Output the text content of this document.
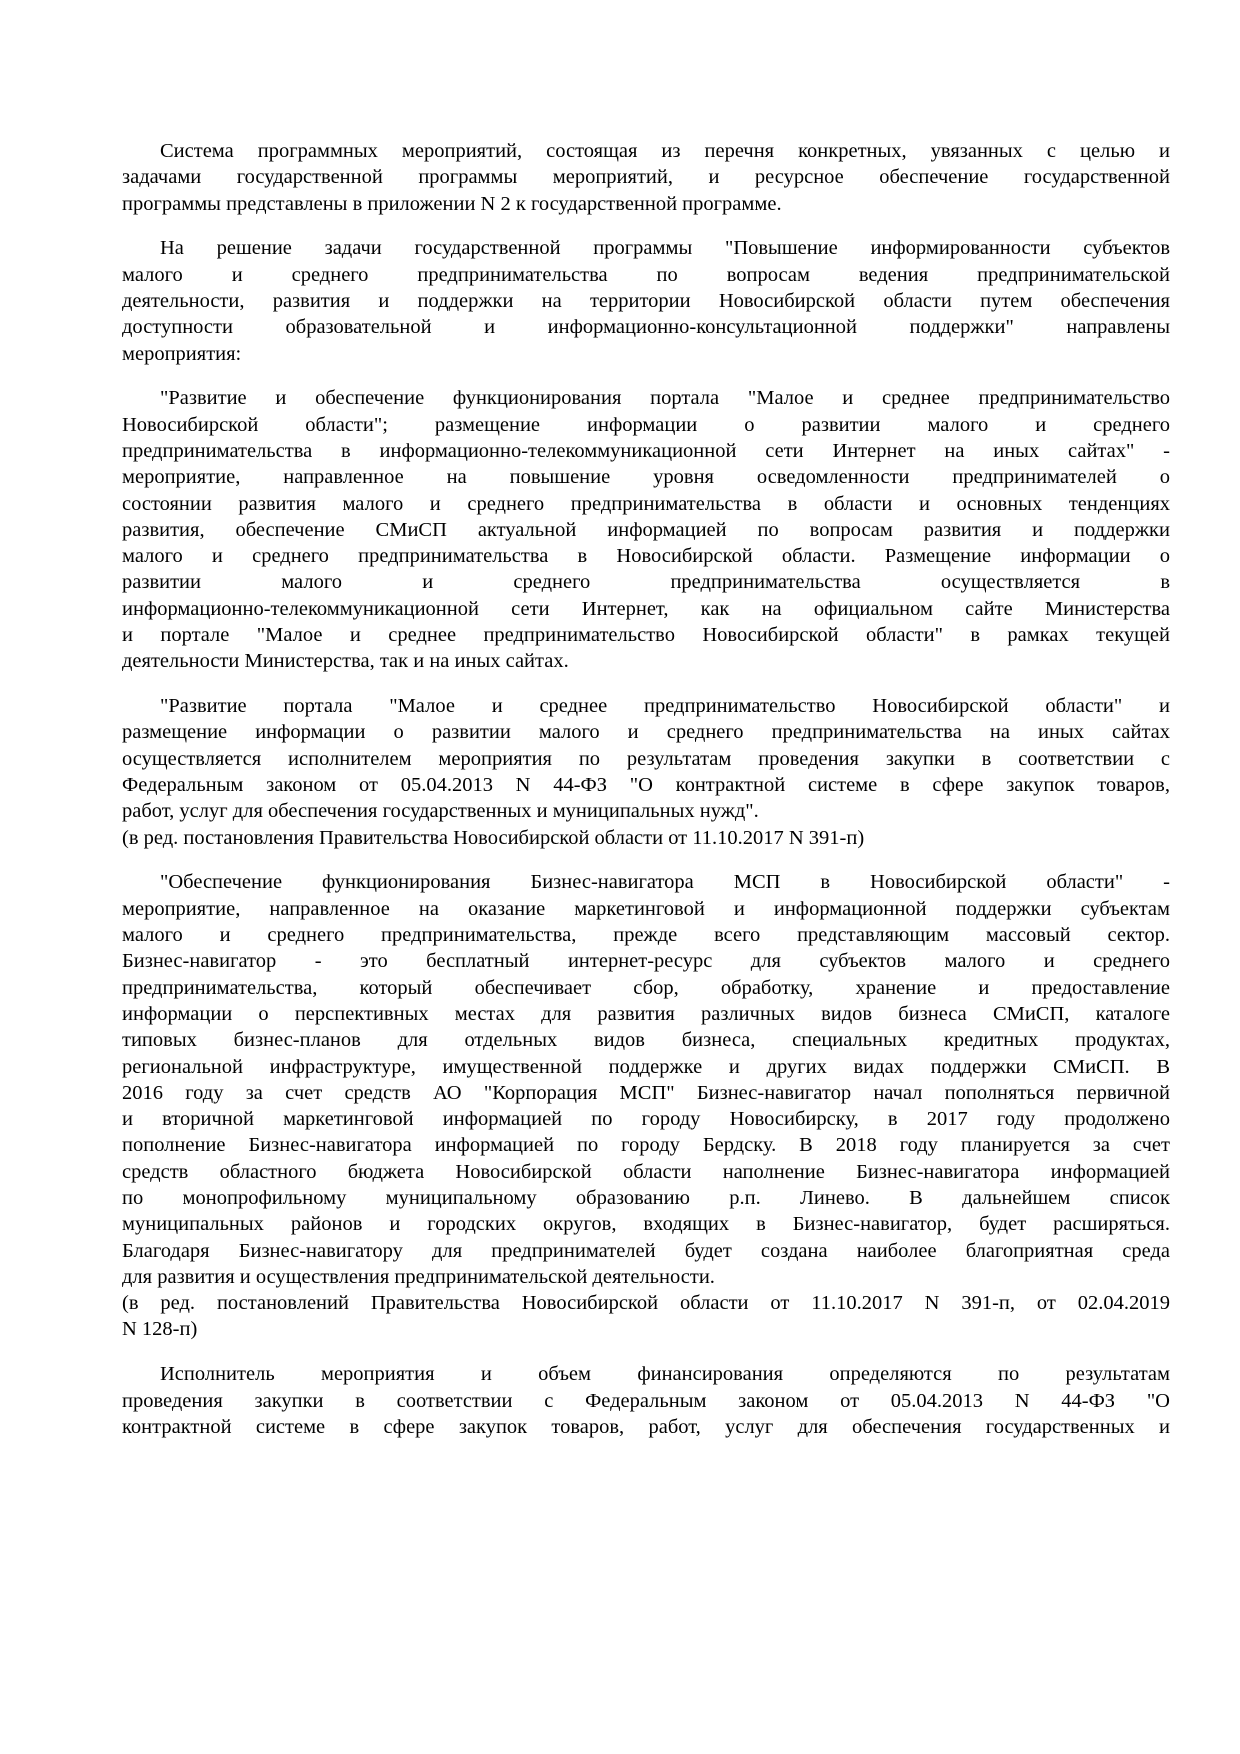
Система программных мероприятий, состоящая из перечня конкретных, увязанных с целью и
задачами государственной программы мероприятий, и ресурсное обеспечение государственной
программы представлены в приложении N 2 к государственной программе.
На решение задачи государственной программы "Повышение информированности субъектов
малого и среднего предпринимательства по вопросам ведения предпринимательской
деятельности, развития и поддержки на территории Новосибирской области путем обеспечения
доступности образовательной и информационно-консультационной поддержки" направлены
мероприятия:
"Развитие и обеспечение функционирования портала "Малое и среднее предпринимательство
Новосибирской области"; размещение информации о развитии малого и среднего
предпринимательства в информационно-телекоммуникационной сети Интернет на иных сайтах" -
мероприятие, направленное на повышение уровня осведомленности предпринимателей о
состоянии развития малого и среднего предпринимательства в области и основных тенденциях
развития, обеспечение СМиСП актуальной информацией по вопросам развития и поддержки
малого и среднего предпринимательства в Новосибирской области. Размещение информации о
развитии малого и среднего предпринимательства осуществляется в
информационно-телекоммуникационной сети Интернет, как на официальном сайте Министерства
и портале "Малое и среднее предпринимательство Новосибирской области" в рамках текущей
деятельности Министерства, так и на иных сайтах.
"Развитие портала "Малое и среднее предпринимательство Новосибирской области" и
размещение информации о развитии малого и среднего предпринимательства на иных сайтах
осуществляется исполнителем мероприятия по результатам проведения закупки в соответствии с
Федеральным законом от 05.04.2013 N 44-ФЗ "О контрактной системе в сфере закупок товаров,
работ, услуг для обеспечения государственных и муниципальных нужд".
(в ред. постановления Правительства Новосибирской области от 11.10.2017 N 391-п)
"Обеспечение функционирования Бизнес-навигатора МСП в Новосибирской области" -
мероприятие, направленное на оказание маркетинговой и информационной поддержки субъектам
малого и среднего предпринимательства, прежде всего представляющим массовый сектор.
Бизнес-навигатор - это бесплатный интернет-ресурс для субъектов малого и среднего
предпринимательства, который обеспечивает сбор, обработку, хранение и предоставление
информации о перспективных местах для развития различных видов бизнеса СМиСП, каталоге
типовых бизнес-планов для отдельных видов бизнеса, специальных кредитных продуктах,
региональной инфраструктуре, имущественной поддержке и других видах поддержки СМиСП. В
2016 году за счет средств АО "Корпорация МСП" Бизнес-навигатор начал пополняться первичной
и вторичной маркетинговой информацией по городу Новосибирску, в 2017 году продолжено
пополнение Бизнес-навигатора информацией по городу Бердску. В 2018 году планируется за счет
средств областного бюджета Новосибирской области наполнение Бизнес-навигатора информацией
по монопрофильному муниципальному образованию р.п. Линево. В дальнейшем список
муниципальных районов и городских округов, входящих в Бизнес-навигатор, будет расширяться.
Благодаря Бизнес-навигатору для предпринимателей будет создана наиболее благоприятная среда
для развития и осуществления предпринимательской деятельности.
(в ред. постановлений Правительства Новосибирской области от 11.10.2017 N 391-п, от 02.04.2019
N 128-п)
Исполнитель мероприятия и объем финансирования определяются по результатам
проведения закупки в соответствии с Федеральным законом от 05.04.2013 N 44-ФЗ "О
контрактной системе в сфере закупок товаров, работ, услуг для обеспечения государственных и
